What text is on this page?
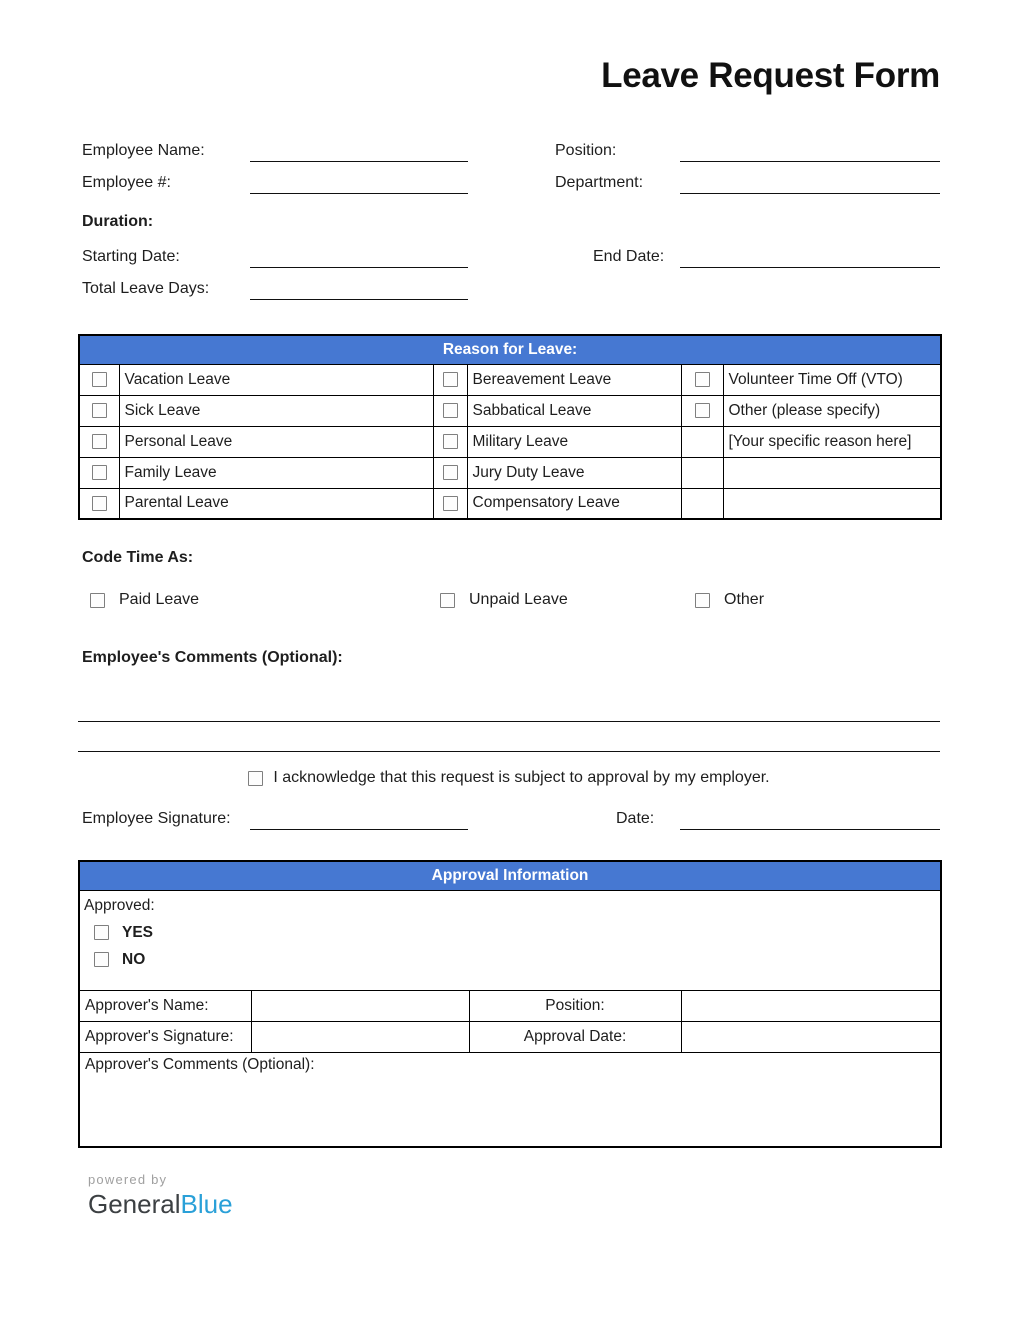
Leave Request Form
Employee Name:	Position:
Employee #:	Department:
Duration:
Starting Date:	End Date:
Total Leave Days:
Reason for Leave:					
	Vacation Leave		Bereavement Leave		Volunteer Time Off (VTO)
	Sick Leave		Sabbatical Leave		Other (please specify)
	Personal Leave		Military Leave		[Your specific reason here]
	Family Leave		Jury Duty Leave		
	Parental Leave		Compensatory Leave		
Code Time As:
Paid Leave	Unpaid Leave	Other
Employee's Comments (Optional):
I acknowledge that this request is subject to approval by my employer.
Employee Signature:	Date:
Approval Information			

Approved:
YES
NO			

Approver's Name:		Position:	
Approver's Signature:		Approval Date:	
Approver's Comments (Optional):			
powered by
GeneralBlue
